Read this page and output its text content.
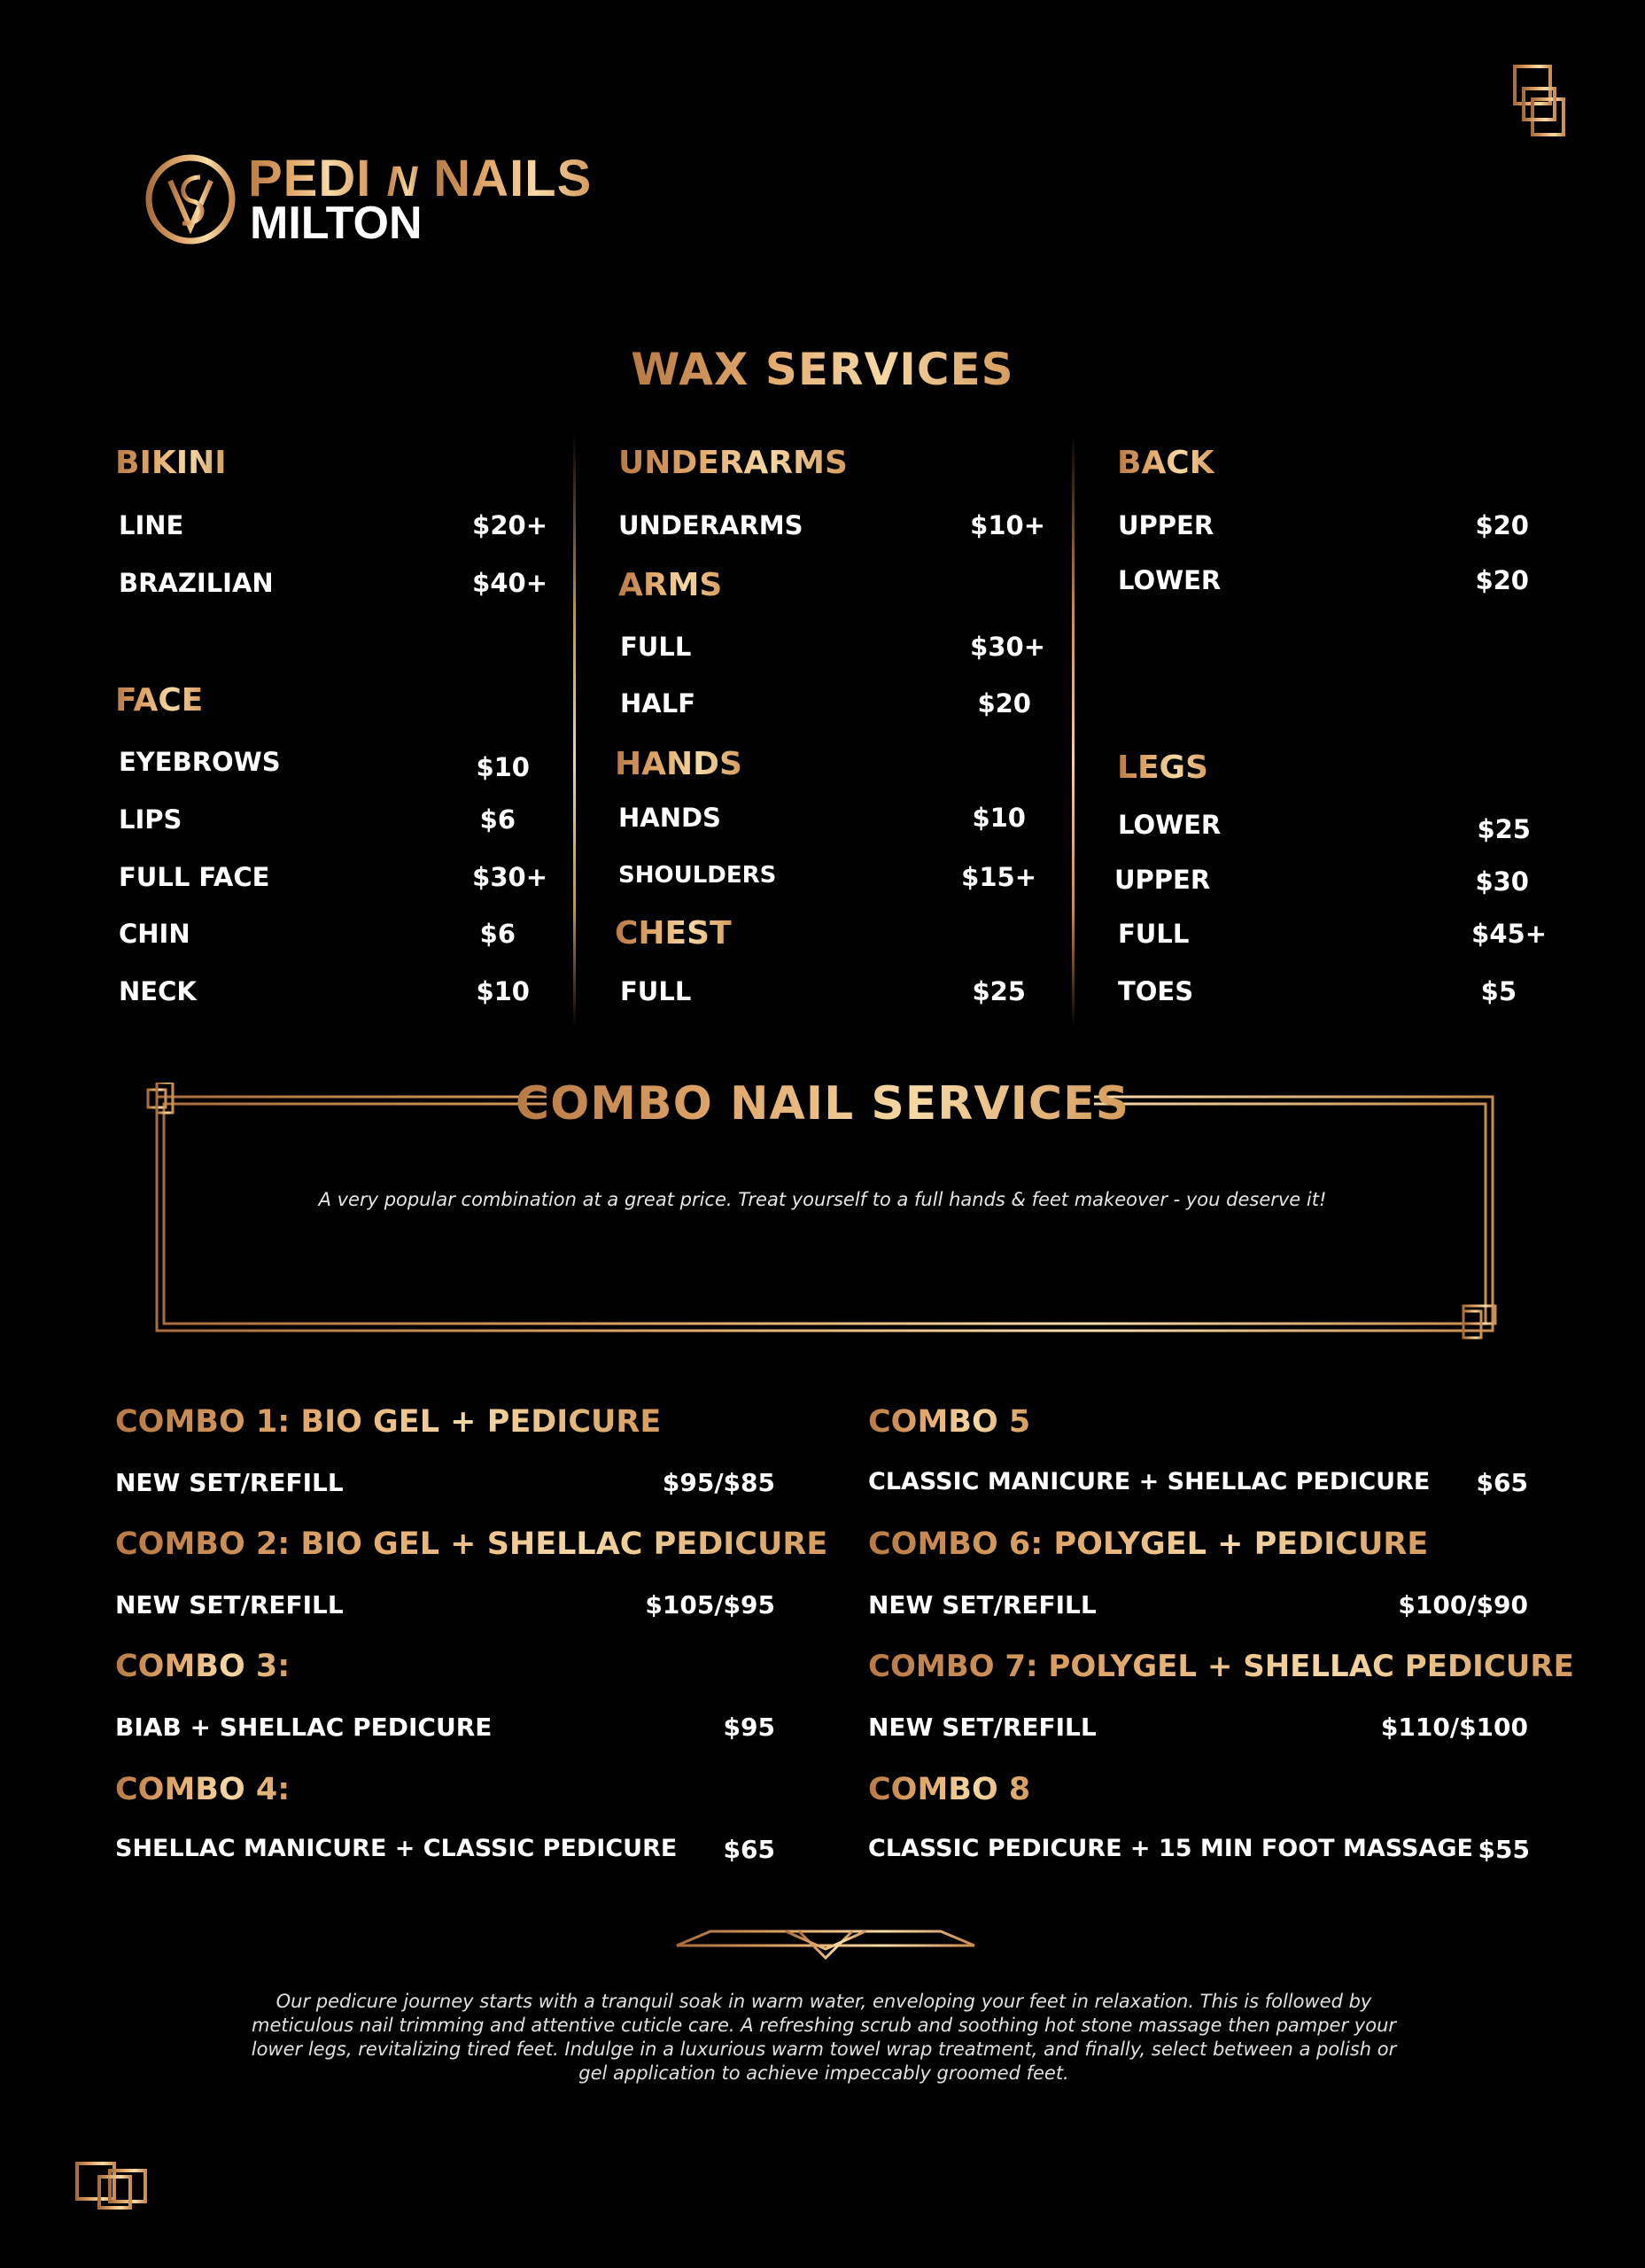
PEDI N NAILS
MILTON
WAX SERVICES
BIKINI
LINE	$20+
BRAZILIAN	$40+
FACE
EYEBROWS	$10
LIPS	$6
FULL FACE	$30+
CHIN	$6
NECK	$10
UNDERARMS
UNDERARMS	$10+
ARMS
FULL	$30+
HALF	$20
HANDS
HANDS	$10
SHOULDERS	$15+
CHEST
FULL	$25
BACK
UPPER	$20
LOWER	$20
LEGS
LOWER	$25
UPPER	$30
FULL	$45+
TOES	$5
COMBO NAIL SERVICES
A very popular combination at a great price. Treat yourself to a full hands & feet makeover - you deserve it!
COMBO 1: BIO GEL + PEDICURE
NEW SET/REFILL	$95/$85
COMBO 2: BIO GEL + SHELLAC PEDICURE
NEW SET/REFILL	$105/$95
COMBO 3:
BIAB + SHELLAC PEDICURE	$95
COMBO 4:
SHELLAC MANICURE + CLASSIC PEDICURE	$65
COMBO 5
CLASSIC MANICURE + SHELLAC PEDICURE	$65
COMBO 6: POLYGEL + PEDICURE
NEW SET/REFILL	$100/$90
COMBO 7: POLYGEL + SHELLAC PEDICURE
NEW SET/REFILL	$110/$100
COMBO 8
CLASSIC PEDICURE + 15 MIN FOOT MASSAGE $55
Our pedicure journey starts with a tranquil soak in warm water, enveloping your feet in relaxation. This is followed by meticulous nail trimming and attentive cuticle care. A refreshing scrub and soothing hot stone massage then pamper your lower legs, revitalizing tired feet. Indulge in a luxurious warm towel wrap treatment, and finally, select between a polish or gel application to achieve impeccably groomed feet.
